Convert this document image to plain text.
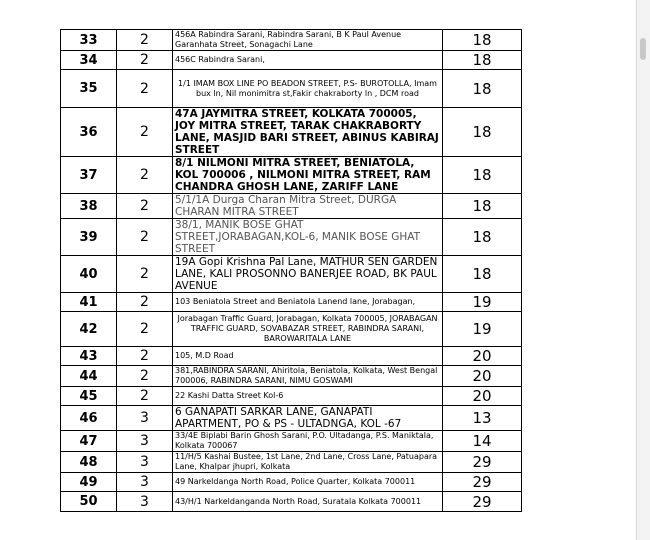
33	2	456A Rabindra Sarani, Rabindra Sarani, B K Paul Avenue Garanhata Street, Sonagachi Lane	18
34	2	456C Rabindra Sarani,	18
35	2	1/1 IMAM BOX LINE PO BEADON STREET, P.S- BUROTOLLA, Imam bux ln, Nil monimitra st,Fakir chakraborty ln , DCM road	18
36	2	47A JAYMITRA STREET, KOLKATA 700005, JOY MITRA STREET, TARAK CHAKRABORTY LANE, MASJID BARI STREET, ABINUS KABIRAJ STREET	18
37	2	8/1 NILMONI MITRA STREET, BENIATOLA, KOL 700006 , NILMONI MITRA STREET, RAM CHANDRA GHOSH LANE, ZARIFF LANE	18
38	2	5/1/1A Durga Charan Mitra Street, DURGA CHARAN MITRA STREET	18
39	2	38/1, MANIK BOSE GHAT STREET,JORABAGAN,KOL-6, MANIK BOSE GHAT STREET	18
40	2	19A Gopi Krishna Pal Lane, MATHUR SEN GARDEN LANE, KALI PROSONNO BANERJEE ROAD, BK PAUL AVENUE	18
41	2	103 Beniatola Street and Beniatola Lanend lane, Jorabagan,	19
42	2	Jorabagan Traffic Guard, Jorabagan, Kolkata 700005, JORABAGAN TRAFFIC GUARD, SOVABAZAR STREET, RABINDRA SARANI, BAROWARITALA LANE	19
43	2	105, M.D Road	20
44	2	381,RABINDRA SARANI, Ahiritola, Beniatola, Kolkata, West Bengal 700006, RABINDRA SARANI, NIMU GOSWAMI	20
45	2	22 Kashi Datta Street Kol-6	20
46	3	6 GANAPATI SARKAR LANE, GANAPATI APARTMENT, PO & PS - ULTADNGA, KOL -67	13
47	3	33/4E Biplabi Barin Ghosh Sarani, P.O. Ultadanga, P.S. Maniktala, Kolkata 700067	14
48	3	11/H/5 Kashai Bustee, 1st Lane, 2nd Lane, Cross Lane, Patuapara Lane, Khalpar jhupri, Kolkata	29
49	3	49 Narkeldanga North Road, Police Quarter, Kolkata 700011	29
50	3	43/H/1 Narkeldanganda North Road, Suratala Kolkata 700011	29
